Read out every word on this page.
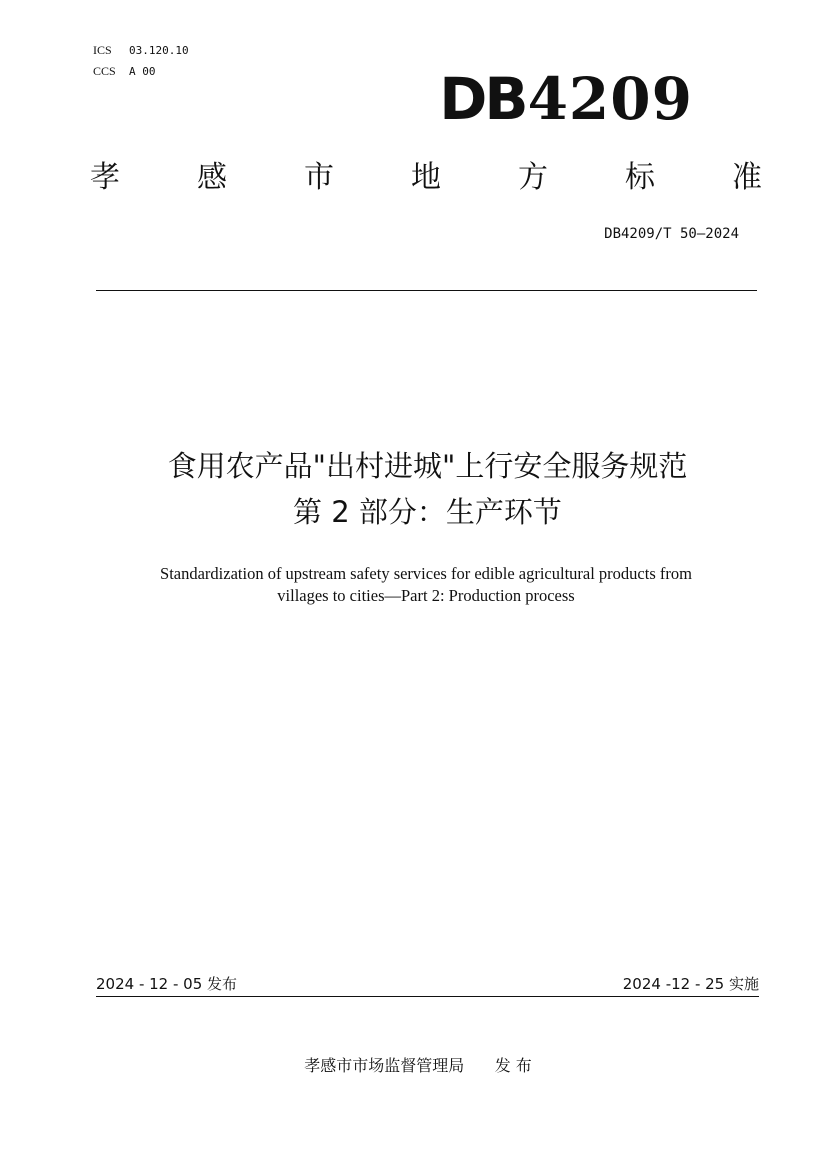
ICS 03.120.10
CCS A 00	DB4209
孝	感	市	地	方	标	准
DB4209/T 50—2024
食用农产品"出村进城"上行安全服务规范
第 2 部分：生产环节
Standardization of upstream safety services for edible agricultural products from
villages to cities—Part 2: Production process
2024 - 12 - 05 发布	2024 -12 - 25 实施
孝感市市场监督管理局 发 布
